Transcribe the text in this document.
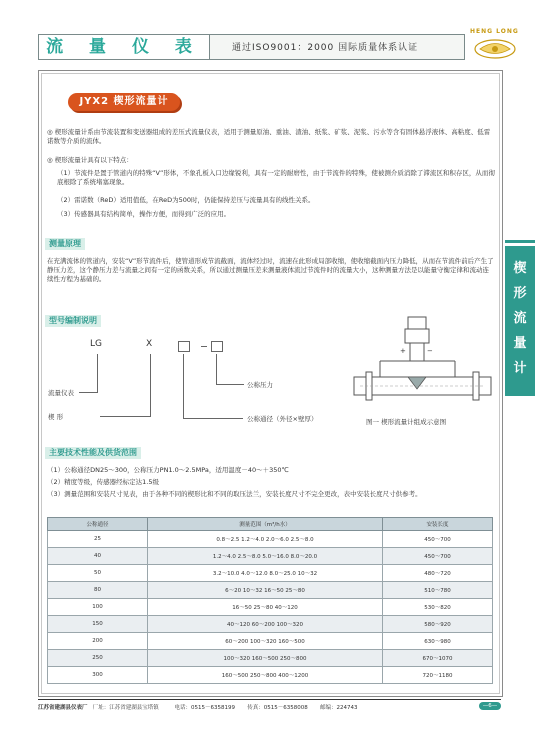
流 量 仪 表	通过ISO9001：2000 国际质量体系认证
HENG LONG
楔形流量计
JYX2 楔形流量计
◎ 楔形流量计系由节流装置和变送器组成的差压式流量仪表，适用于测量原油、重油、渣油、纸浆、矿浆、泥浆、污水等含有固体悬浮液体、高粘度、低雷诺数等介质的流体。
◎ 楔形流量计具有以下特点：
（1）节流件是置于管道内的特殊“V”形体，不象孔板入口边缘锐利，具有一定的耐磨性，由于节流件的特殊，使被测介质消除了滞流区和积存区，从而彻底根除了系统堵塞现象。
（2）雷诺数（ReD）适用值低，在ReD为500时，仍能保持差压与流量具有的线性关系。
（3）传感器具有结构简单，操作方便，而得到广泛的应用。
测量原理
在充满流体的管道内，安装“V”形节流件后，使管道形成节流截面，流体经过时，流速在此形成局部收缩，使收缩截面内压力降低，从而在节流件前后产生了静压力差，这个静压力差与流量之间有一定的函数关系，所以通过测量压差来测量液体流过节流件时的流量大小，这种测量方法是以能量守衡定律和流动连续性方程为基础的。
型号编制说明
LG	X
流量仪表
楔 形
公称压力
公称通径（外径×壁厚）
+	−
图一 楔形流量计组成示意图
主要技术性能及供货范围
（1）公称通径DN25～300，公称压力PN1.0～2.5MPa，适用温度－40～＋350℃
（2）精度等级，传感器经标定达1.5级
（3）测量范围和安装尺寸见表，由于各种不同的楔形比和不同的取压法兰，安装长度尺寸不完全更改，表中安装长度尺寸供参考。
公称通径	测量范围（m³/h水）	安装长度
25	0.8～2.5 1.2～4.0 2.0～6.0 2.5～8.0	450～700
40	1.2～4.0 2.5～8.0 5.0～16.0 8.0～20.0	450～700
50	3.2～10.0 4.0～12.0 8.0～25.0 10～32	480～720
80	6～20 10～32 16～50 25～80	510～780
100	16～50 25～80 40～120	530～820
150	40～120 60～200 100～320	580～920
200	60～200 100～320 160～500	630～980
250	100～320 160～500 250～800	670～1070
300	160～500 250～800 400～1200	720～1180
江苏省建湖县仪表厂 厂址：江苏省建湖县宝塔镇	电话：0515－6358199 传真：0515－6358008 邮编：224743	—6—
